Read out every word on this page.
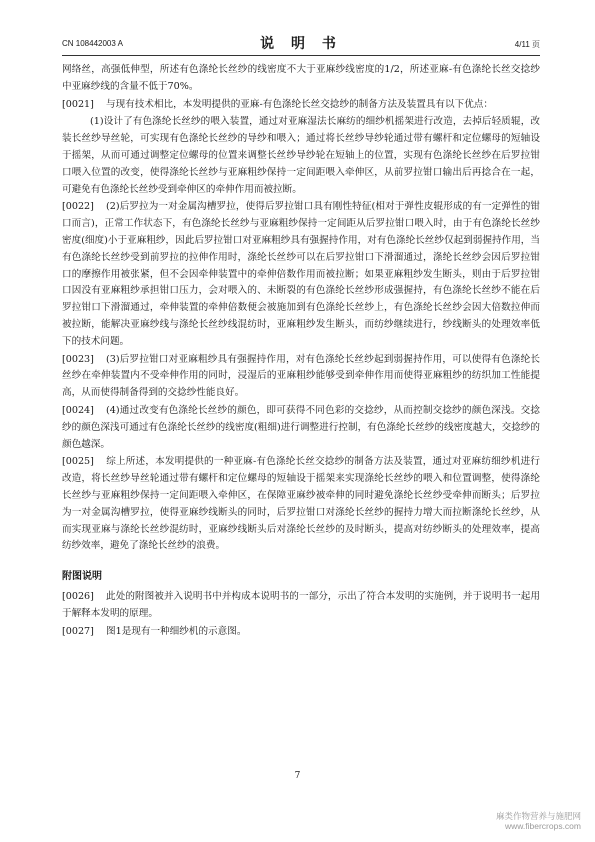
CN 108442003 A	说 明 书	4/11 页

网络丝，高强低伸型，所述有色涤纶长丝纱的线密度不大于亚麻纱线密度的1/2，所述亚麻-有色涤纶长丝交捻纱中亚麻纱线的含量不低于70%。

[0021] 与现有技术相比，本发明提供的亚麻-有色涤纶长丝交捻纱的制备方法及装置具有以下优点：

(1)设计了有色涤纶长丝纱的喂入装置，通过对亚麻湿法长麻纺的细纱机摇架进行改造，去掉后轻质辊，改装长丝纱导丝轮，可实现有色涤纶长丝纱的导纱和喂入；通过将长丝纱导纱轮通过带有螺杆和定位螺母的短轴设于摇架，从而可通过调整定位螺母的位置来调整长丝纱导纱轮在短轴上的位置，实现有色涤纶长丝纱在后罗拉钳口喂入位置的改变，使得涤纶长丝纱与亚麻粗纱保持一定间距喂入牵伸区，从前罗拉钳口输出后再捻合在一起，可避免有色涤纶长丝纱受到牵伸区的牵伸作用而被拉断。

[0022] (2)后罗拉为一对金属沟槽罗拉，使得后罗拉钳口具有刚性特征(相对于弹性皮辊形成的有一定弹性的钳口而言)，正常工作状态下，有色涤纶长丝纱与亚麻粗纱保持一定间距从后罗拉钳口喂入时，由于有色涤纶长丝纱密度(细度)小于亚麻粗纱，因此后罗拉钳口对亚麻粗纱具有强握持作用，对有色涤纶长丝纱仅起到弱握持作用，当有色涤纶长丝纱受到前罗拉的拉伸作用时，涤纶长丝纱可以在后罗拉钳口下滑溜通过，涤纶长丝纱会因后罗拉钳口的摩擦作用被张紧，但不会因牵伸装置中的牵伸倍数作用而被拉断；如果亚麻粗纱发生断头，则由于后罗拉钳口因没有亚麻粗纱承担钳口压力，会对喂入的、未断裂的有色涤纶长丝纱形成强握持，有色涤纶长丝纱不能在后罗拉钳口下滑溜通过，牵伸装置的牵伸倍数便会被施加到有色涤纶长丝纱上，有色涤纶长丝纱会因大倍数拉伸而被拉断，能解决亚麻纱线与涤纶长丝纱线混纺时，亚麻粗纱发生断头，而纺纱继续进行，纱线断头的处理效率低下的技术问题。

[0023] (3)后罗拉钳口对亚麻粗纱具有强握持作用，对有色涤纶长丝纱起到弱握持作用，可以使得有色涤纶长丝纱在牵伸装置内不受牵伸作用的同时，浸湿后的亚麻粗纱能够受到牵伸作用而使得亚麻粗纱的纺织加工性能提高，从而使得制备得到的交捻纱性能良好。

[0024] (4)通过改变有色涤纶长丝纱的颜色，即可获得不同色彩的交捻纱，从而控制交捻纱的颜色深浅。交捻纱的颜色深浅可通过有色涤纶长丝纱的线密度(粗细)进行调整进行控制，有色涤纶长丝纱的线密度越大，交捻纱的颜色越深。

[0025] 综上所述，本发明提供的一种亚麻-有色涤纶长丝交捻纱的制备方法及装置，通过对亚麻纺细纱机进行改造，将长丝纱导丝轮通过带有螺杆和定位螺母的短轴设于摇架来实现涤纶长丝纱的喂入和位置调整，使得涤纶长丝纱与亚麻粗纱保持一定间距喂入牵伸区，在保障亚麻纱被牵伸的同时避免涤纶长丝纱受牵伸而断头；后罗拉为一对金属沟槽罗拉，使得亚麻纱线断头的同时，后罗拉钳口对涤纶长丝纱的握持力增大而拉断涤纶长丝纱，从而实现亚麻与涤纶长丝纱混纺时，亚麻纱线断头后对涤纶长丝纱的及时断头，提高对纺纱断头的处理效率，提高纺纱效率，避免了涤纶长丝纱的浪费。

附图说明

[0026] 此处的附图被并入说明书中并构成本说明书的一部分，示出了符合本发明的实施例，并于说明书一起用于解释本发明的原理。

[0027] 图1是现有一种细纱机的示意图。

7
麻类作物营养与施肥网
www.fibercrops.com
